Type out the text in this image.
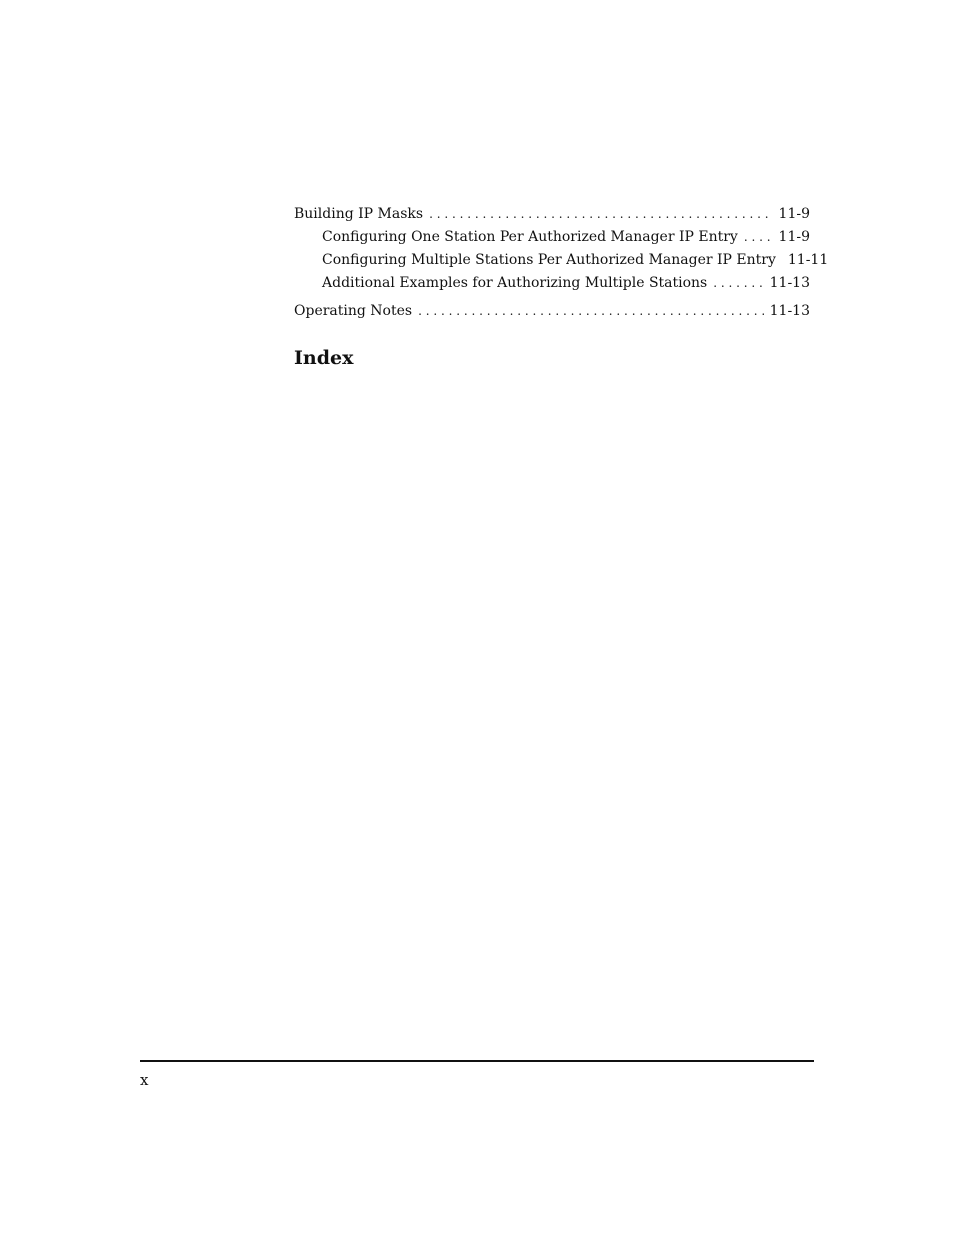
Building IP Masks . . .	11-9
Configuring One Station Per Authorized Manager IP Entry . . .	11-9
Configuring Multiple Stations Per Authorized Manager IP Entry 11-11
Additional Examples for Authorizing Multiple Stations . . .	11-13
Operating Notes . . .	11-13
Index
x
